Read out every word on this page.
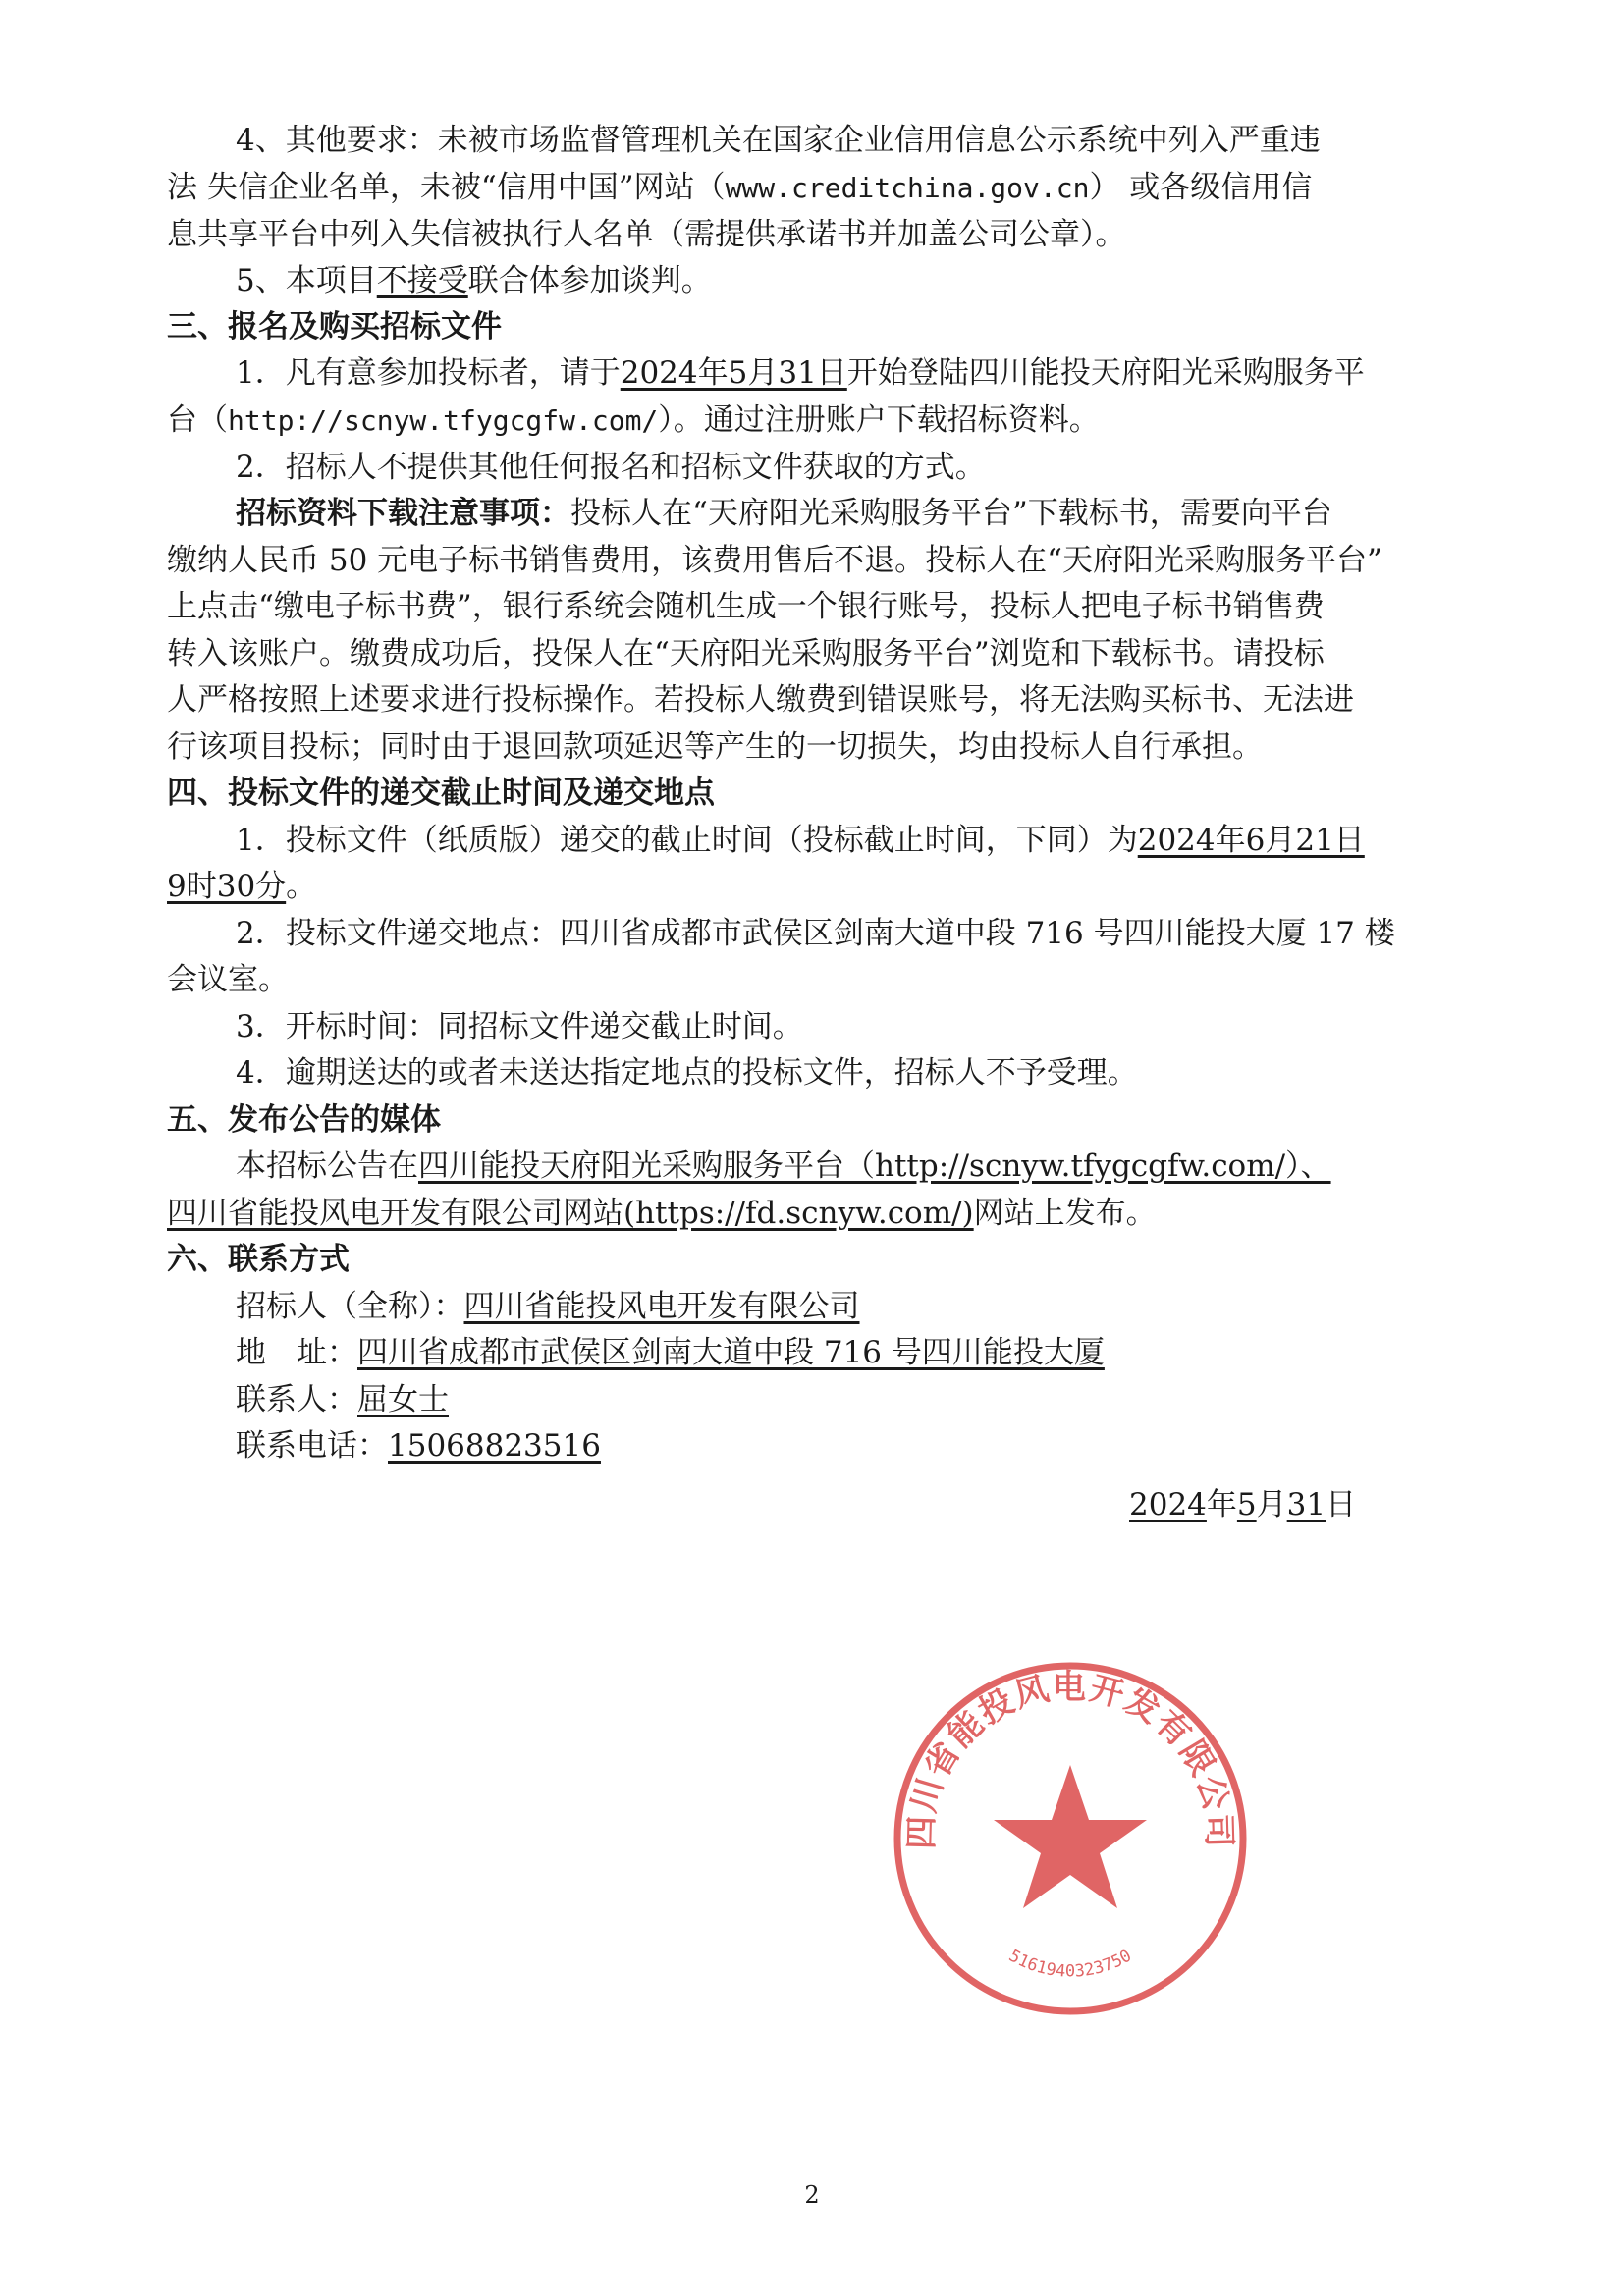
4、其他要求：未被市场监督管理机关在国家企业信用信息公示系统中列入严重违
法 失信企业名单，未被“信用中国”网站（www.creditchina.gov.cn） 或各级信用信
息共享平台中列入失信被执行人名单（需提供承诺书并加盖公司公章）。
5、本项目不接受联合体参加谈判。
三、报名及购买招标文件
1．凡有意参加投标者，请于2024年5月31日开始登陆四川能投天府阳光采购服务平
台（http://scnyw.tfygcgfw.com/）。通过注册账户下载招标资料。
2．招标人不提供其他任何报名和招标文件获取的方式。
招标资料下载注意事项：投标人在“天府阳光采购服务平台”下载标书，需要向平台
缴纳人民币 50 元电子标书销售费用，该费用售后不退。投标人在“天府阳光采购服务平台”
上点击“缴电子标书费”，银行系统会随机生成一个银行账号，投标人把电子标书销售费
转入该账户。缴费成功后，投保人在“天府阳光采购服务平台”浏览和下载标书。请投标
人严格按照上述要求进行投标操作。若投标人缴费到错误账号，将无法购买标书、无法进
行该项目投标；同时由于退回款项延迟等产生的一切损失，均由投标人自行承担。
四、投标文件的递交截止时间及递交地点
1．投标文件（纸质版）递交的截止时间（投标截止时间，下同）为2024年6月21日
9时30分。
2．投标文件递交地点：四川省成都市武侯区剑南大道中段 716 号四川能投大厦 17 楼
会议室。
3．开标时间：同招标文件递交截止时间。
4．逾期送达的或者未送达指定地点的投标文件，招标人不予受理。
五、发布公告的媒体
本招标公告在四川能投天府阳光采购服务平台（http://scnyw.tfygcgfw.com/）、
四川省能投风电开发有限公司网站(https://fd.scnyw.com/)网站上发布。
六、联系方式
招标人（全称）：四川省能投风电开发有限公司
地　址：四川省成都市武侯区剑南大道中段 716 号四川能投大厦
联系人：屈女士
联系电话：15068823516
四川省能投风电开发有限公司
5161940323750
2024年5月31日
2
